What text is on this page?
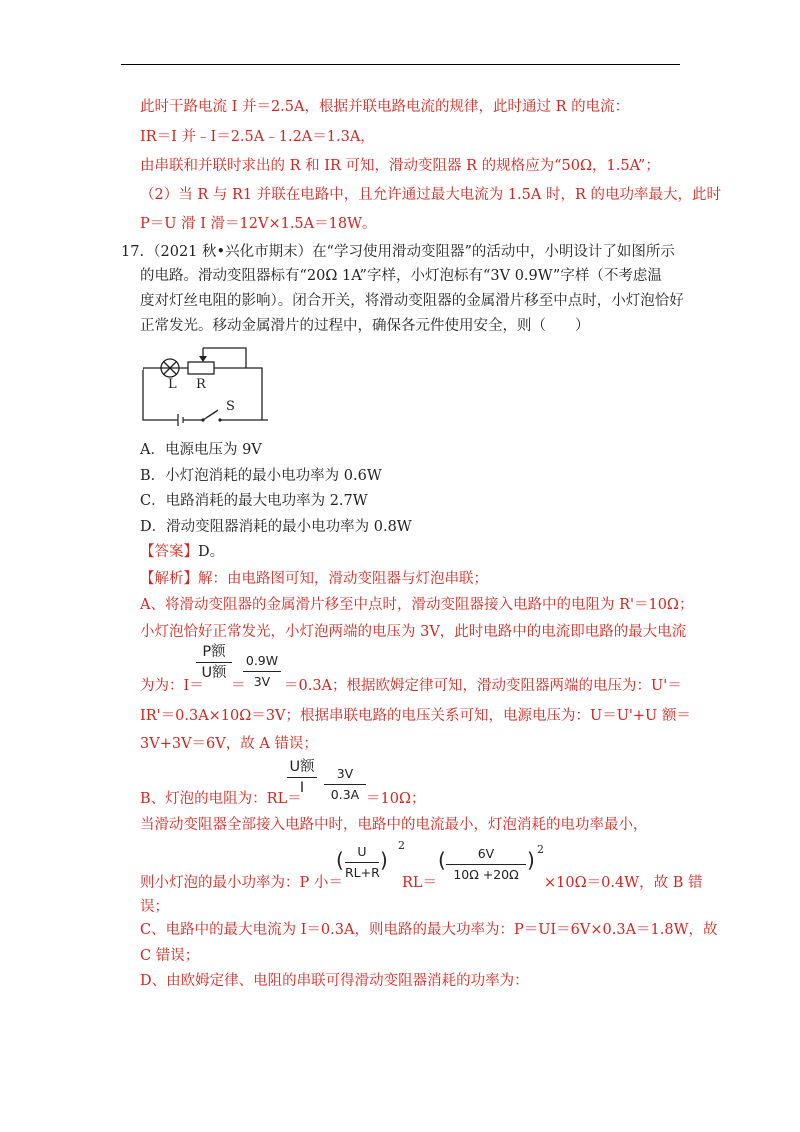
此时干路电流 I 并＝2.5A，根据并联电路电流的规律，此时通过 R 的电流：
IR＝I 并﹣I＝2.5A﹣1.2A＝1.3A，
由串联和并联时求出的 R 和 IR 可知，滑动变阻器 R 的规格应为“50Ω，1.5A”；
（2）当 R 与 R1 并联在电路中，且允许通过最大电流为 1.5A 时，R 的电功率最大，此时
P＝U 滑 I 滑＝12V×1.5A＝18W。
17. （2021 秋•兴化市期末）在“学习使用滑动变阻器”的活动中，小明设计了如图所示
的电路。滑动变阻器标有“20Ω 1A”字样，小灯泡标有“3V 0.9W”字样（不考虑温
度对灯丝电阻的影响）。闭合开关，将滑动变阻器的金属滑片移至中点时，小灯泡恰好
正常发光。移动金属滑片的过程中，确保各元件使用安全，则（　　）
L R
S
A．电源电压为 9V
B．小灯泡消耗的最小电功率为 0.6W
C．电路消耗的最大电功率为 2.7W
D．滑动变阻器消耗的最小电功率为 0.8W
【答案】D。
【解析】解：由电路图可知，滑动变阻器与灯泡串联；
A、将滑动变阻器的金属滑片移至中点时，滑动变阻器接入电路中的电阻为 R'＝10Ω；
小灯泡恰好正常发光，小灯泡两端的电压为 3V，此时电路中的电流即电路的最大电流
P额
U额
0.9W
3V
为为：I＝ ＝	＝0.3A；根据欧姆定律可知，滑动变阻器两端的电压为：U'＝
IR'＝0.3A×10Ω＝3V；根据串联电路的电压关系可知，电源电压为：U＝U'+U 额＝
3V+3V＝6V，故 A 错误；
U额
I
3V
0.3A
B、灯泡的电阻为：RL＝	＝10Ω；
当滑动变阻器全部接入电路中时，电路中的电流最小，灯泡消耗的电功率最小，
(	U
RL+R
)
2
(	6V
10Ω +20Ω
) 2
则小灯泡的最小功率为：P 小＝	RL＝	×10Ω＝0.4W，故 B 错
误；
C、电路中的最大电流为 I＝0.3A，则电路的最大功率为：P＝UI＝6V×0.3A＝1.8W，故
C 错误；
D、由欧姆定律、电阻的串联可得滑动变阻器消耗的功率为：
